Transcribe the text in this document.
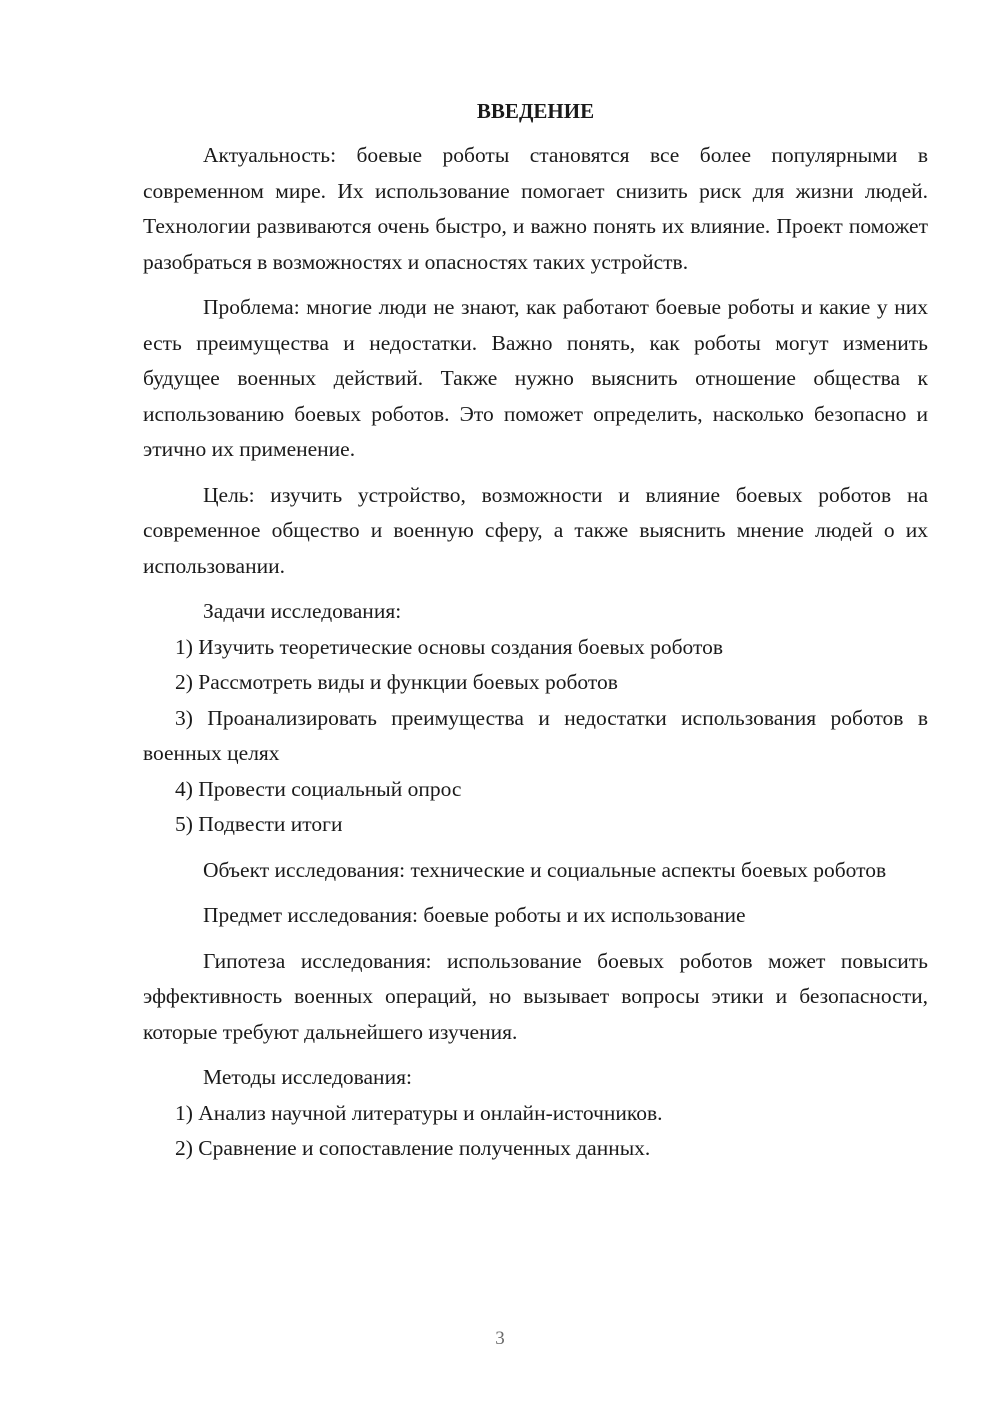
ВВЕДЕНИЕ

Актуальность: боевые роботы становятся все более популярными в современном мире. Их использование помогает снизить риск для жизни людей. Технологии развиваются очень быстро, и важно понять их влияние. Проект поможет разобраться в возможностях и опасностях таких устройств.

Проблема: многие люди не знают, как работают боевые роботы и какие у них есть преимущества и недостатки. Важно понять, как роботы могут изменить будущее военных действий. Также нужно выяснить отношение общества к использованию боевых роботов. Это поможет определить, насколько безопасно и этично их применение.

Цель: изучить устройство, возможности и влияние боевых роботов на современное общество и военную сферу, а также выяснить мнение людей о их использовании.

Задачи исследования:

1) Изучить теоретические основы создания боевых роботов

2) Рассмотреть виды и функции боевых роботов

3) Проанализировать преимущества и недостатки использования роботов в военных целях

4) Провести социальный опрос

5) Подвести итоги

Объект исследования: технические и социальные аспекты боевых роботов

Предмет исследования: боевые роботы и их использование

Гипотеза исследования: использование боевых роботов может повысить эффективность военных операций, но вызывает вопросы этики и безопасности, которые требуют дальнейшего изучения.

Методы исследования:

1) Анализ научной литературы и онлайн-источников.

2) Сравнение и сопоставление полученных данных.

3
